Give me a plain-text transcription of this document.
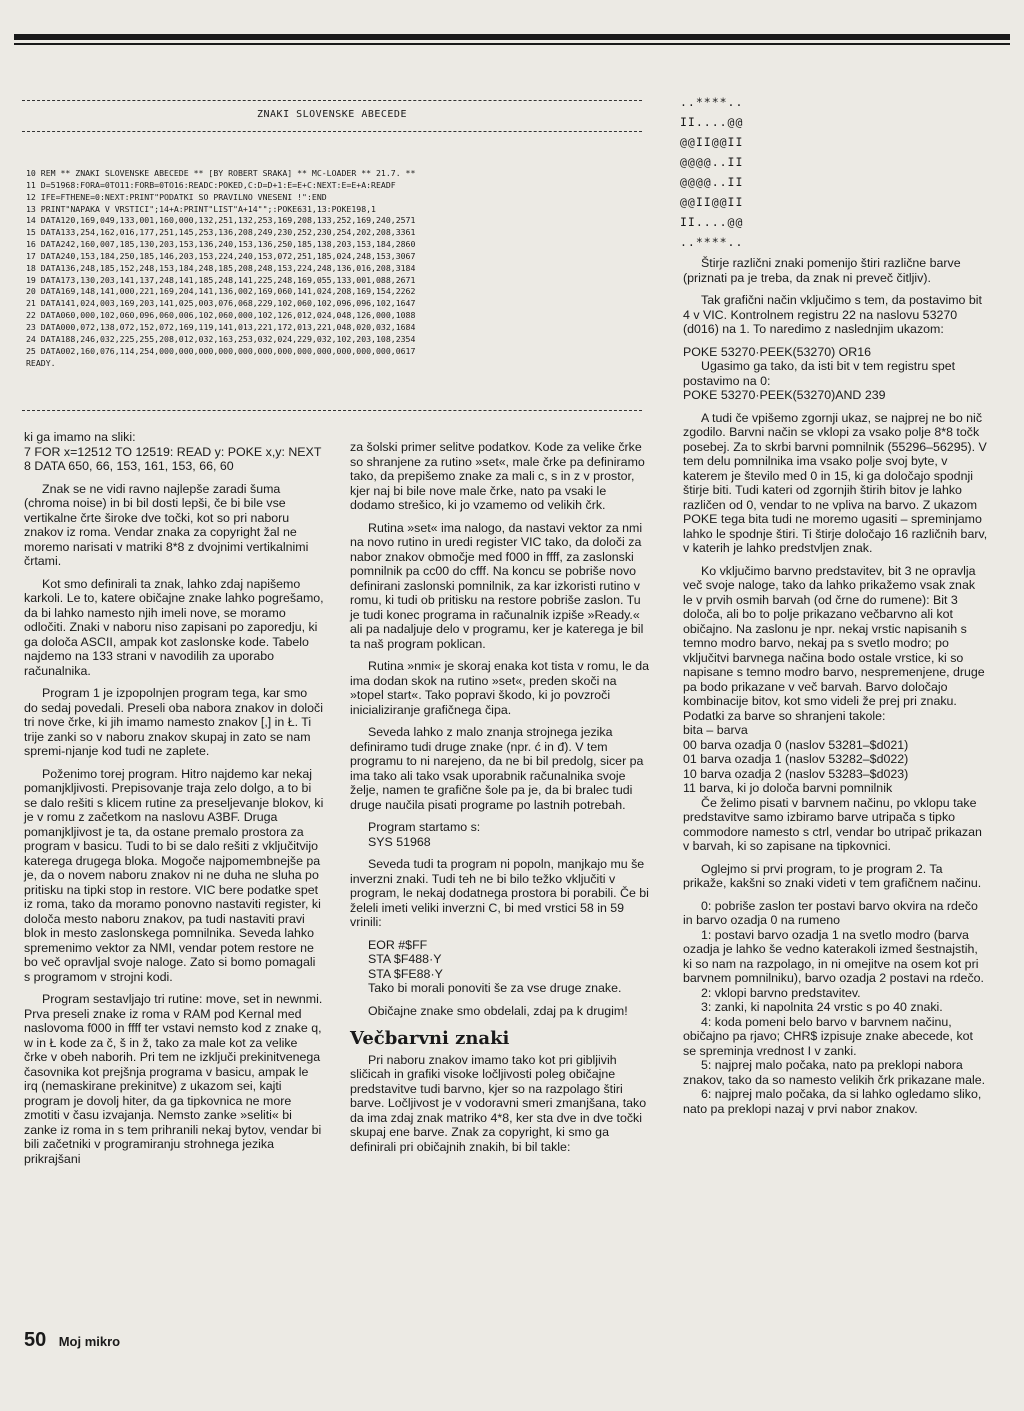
ZNAKI SLOVENSKE ABECEDE
10 REM ** ZNAKI SLOVENSKE ABECEDE ** [BY ROBERT SRAKA] ** MC-LOADER ** 21.7. **
11 D=51968:FORA=0TO11:FORB=0TO16:READC:POKED,C:D=D+1:E=E+C:NEXT:E=E+A:READF
12 IFE=FTHENE=0:NEXT:PRINT"PODATKI SO PRAVILNO VNESENI !":END
13 PRINT"NAPAKA V VRSTICI";14+A:PRINT"LIST"A+14"";:POKE631,13:POKE198,1
14 DATA120,169,049,133,001,160,000,132,251,132,253,169,208,133,252,169,240,2571
15 DATA133,254,162,016,177,251,145,253,136,208,249,230,252,230,254,202,208,3361
16 DATA242,160,007,185,130,203,153,136,240,153,136,250,185,138,203,153,184,2860
17 DATA240,153,184,250,185,146,203,153,224,240,153,072,251,185,024,248,153,3067
18 DATA136,248,185,152,248,153,184,248,185,208,248,153,224,248,136,016,208,3184
19 DATA173,130,203,141,137,248,141,185,248,141,225,248,169,055,133,001,088,2671
20 DATA169,148,141,000,221,169,204,141,136,002,169,060,141,024,208,169,154,2262
21 DATA141,024,003,169,203,141,025,003,076,068,229,102,060,102,096,096,102,1647
22 DATA060,000,102,060,096,060,006,102,060,000,102,126,012,024,048,126,000,1088
23 DATA000,072,138,072,152,072,169,119,141,013,221,172,013,221,048,020,032,1684
24 DATA188,246,032,225,255,208,012,032,163,253,032,024,229,032,102,203,108,2354
25 DATA002,160,076,114,254,000,000,000,000,000,000,000,000,000,000,000,000,0617
READY.
..****..
II....@@
@@II@@II
@@@@..II
@@@@..II
@@II@@II
II....@@
..****..

ki ga imamo na sliki:

7 FOR x=12512 TO 12519: READ y: POKE x,y: NEXT

8 DATA 650, 66, 153, 161, 153, 66, 60

Znak se ne vidi ravno najlepše zaradi šuma (chroma noise) in bi bil dosti lepši, če bi bile vse vertikalne črte široke dve točki, kot so pri naboru znakov iz roma. Vendar znaka za copyright žal ne moremo narisati v matriki 8*8 z dvojnimi vertikalnimi črtami.

Kot smo definirali ta znak, lahko zdaj napišemo karkoli. Le to, katere običajne znake lahko pogrešamo, da bi lahko namesto njih imeli nove, se moramo odločiti. Znaki v naboru niso zapisani po zaporedju, ki ga določa ASCII, ampak kot zaslonske kode. Tabelo najdemo na 133 strani v navodilih za uporabo računalnika.

Program 1 je izpopolnjen program tega, kar smo do sedaj povedali. Preseli oba nabora znakov in določi tri nove črke, ki jih imamo namesto znakov [,] in Ł. Ti trije zanki so v naboru znakov skupaj in zato se nam spremi-njanje kod tudi ne zaplete.

Poženimo torej program. Hitro najdemo kar nekaj pomanjkljivosti. Prepisovanje traja zelo dolgo, a to bi se dalo rešiti s klicem rutine za preseljevanje blokov, ki je v romu z začetkom na naslovu A3BF. Druga pomanjkljivost je ta, da ostane premalo prostora za program v basicu. Tudi to bi se dalo rešiti z vključitvijo katerega drugega bloka. Mogoče najpomembnejše pa je, da o novem naboru znakov ni ne duha ne sluha po pritisku na tipki stop in restore. VIC bere podatke spet iz roma, tako da moramo ponovno nastaviti register, ki določa mesto naboru znakov, pa tudi nastaviti pravi blok in mesto zaslonskega pomnilnika. Seveda lahko spremenimo vektor za NMI, vendar potem restore ne bo več opravljal svoje naloge. Zato si bomo pomagali s programom v strojni kodi.

Program sestavljajo tri rutine: move, set in newnmi. Prva preseli znake iz roma v RAM pod Kernal med naslovoma f000 in ffff ter vstavi nemsto kod z znake q, w in Ł kode za č, š in ž, tako za male kot za velike črke v obeh naborih. Pri tem ne izključi prekinitvenega časovnika kot prejšnja programa v basicu, ampak le irq (nemaskirane prekinitve) z ukazom sei, kajti program je dovolj hiter, da ga tipkovnica ne more zmotiti v času izvajanja. Nemsto zanke »seliti« bi zanke iz roma in s tem prihranili nekaj bytov, vendar bi bili začetniki v programiranju strohnega jezika prikrajšani

za šolski primer selitve podatkov. Kode za velike črke so shranjene za rutino »set«, male črke pa definiramo tako, da prepišemo znake za mali c, s in z v prostor, kjer naj bi bile nove male črke, nato pa vsaki le dodamo strešico, ki jo vzamemo od velikih črk.

Rutina »set« ima nalogo, da nastavi vektor za nmi na novo rutino in uredi register VIC tako, da določi za nabor znakov območje med f000 in ffff, za zaslonski pomnilnik pa cc00 do cfff. Na koncu se pobriše novo definirani zaslonski pomnilnik, za kar izkoristi rutino v romu, ki tudi ob pritisku na restore pobriše zaslon. Tu je tudi konec programa in računalnik izpiše »Ready.« ali pa nadaljuje delo v programu, ker je katerega je bil ta naš program poklican.

Rutina »nmi« je skoraj enaka kot tista v romu, le da ima dodan skok na rutino »set«, preden skoči na »topel start«. Tako popravi škodo, ki jo povzroči inicializiranje grafičnega čipa.

Seveda lahko z malo znanja strojnega jezika definiramo tudi druge znake (npr. ć in đ). V tem programu to ni narejeno, da ne bi bil predolg, sicer pa ima tako ali tako vsak uporabnik računalnika svoje želje, namen te grafične šole pa je, da bi bralec tudi druge naučila pisati programe po lastnih potrebah.

Program startamo s:

SYS 51968

Seveda tudi ta program ni popoln, manjkajo mu še inverzni znaki. Tudi teh ne bi bilo težko vključiti v program, le nekaj dodatnega prostora bi porabili. Če bi želeli imeti veliki inverzni C, bi med vrstici 58 in 59 vrinili:

EOR #$FF

STA $F488·Y

STA $FE88·Y

Tako bi morali ponoviti še za vse druge znake.

Običajne znake smo obdelali, zdaj pa k drugim!

Večbarvni znaki

Pri naboru znakov imamo tako kot pri gibljivih sličicah in grafiki visoke ločljivosti poleg običajne predstavitve tudi barvno, kjer so na razpolago štiri barve. Ločljivost je v vodoravni smeri zmanjšana, tako da ima zdaj znak matriko 4*8, ker sta dve in dve točki skupaj ene barve. Znak za copyright, ki smo ga definirali pri običajnih znakih, bi bil takle:

Štirje različni znaki pomenijo štiri različne barve (priznati pa je treba, da znak ni preveč čitljiv).

Tak grafični način vključimo s tem, da postavimo bit 4 v VIC. Kontrolnem registru 22 na naslovu 53270 (d016) na 1. To naredimo z naslednjim ukazom:

POKE 53270·PEEK(53270) OR16

Ugasimo ga tako, da isti bit v tem registru spet postavimo na 0:

POKE 53270·PEEK(53270)AND 239

A tudi če vpišemo zgornji ukaz, se najprej ne bo nič zgodilo. Barvni način se vklopi za vsako polje 8*8 točk posebej. Za to skrbi barvni pomnilnik (55296–56295). V tem delu pomnilnika ima vsako polje svoj byte, v katerem je število med 0 in 15, ki ga določajo spodnji štirje biti. Tudi kateri od zgornjih štirih bitov je lahko različen od 0, vendar to ne vpliva na barvo. Z ukazom POKE tega bita tudi ne moremo ugasiti – spreminjamo lahko le spodnje štiri. Ti štirje določajo 16 različnih barv, v katerih je lahko predstvljen znak.

Ko vključimo barvno predstavitev, bit 3 ne opravlja več svoje naloge, tako da lahko prikažemo vsak znak le v prvih osmih barvah (od črne do rumene): Bit 3 določa, ali bo to polje prikazano večbarvno ali kot običajno. Na zaslonu je npr. nekaj vrstic napisanih s temno modro barvo, nekaj pa s svetlo modro; po vključitvi barvnega načina bodo ostale vrstice, ki so napisane s temno modro barvo, nespremenjene, druge pa bodo prikazane v več barvah. Barvo določajo kombinacije bitov, kot smo videli že prej pri znaku. Podatki za barve so shranjeni takole:

bita – barva

00 barva ozadja 0 (naslov 53281–$d021)

01 barva ozadja 1 (naslov 53282–$d022)

10 barva ozadja 2 (naslov 53283–$d023)

11 barva, ki jo določa barvni pomnilnik

Če želimo pisati v barvnem načinu, po vklopu take predstavitve samo izbiramo barve utripača s tipko commodore namesto s ctrl, vendar bo utripač prikazan v barvah, ki so zapisane na tipkovnici.

Oglejmo si prvi program, to je program 2. Ta prikaže, kakšni so znaki videti v tem grafičnem načinu.

0: pobriše zaslon ter postavi barvo okvira na rdečo in barvo ozadja 0 na rumeno

1: postavi barvo ozadja 1 na svetlo modro (barva ozadja je lahko še vedno katerakoli izmed šestnajstih, ki so nam na razpolago, in ni omejitve na osem kot pri barvnem pomnilniku), barvo ozadja 2 postavi na rdečo.

2: vklopi barvno predstavitev.

3: zanki, ki napolnita 24 vrstic s po 40 znaki.

4: koda pomeni belo barvo v barvnem načinu, običajno pa rjavo; CHR$ izpisuje znake abecede, kot se spreminja vrednost I v zanki.

5: najprej malo počaka, nato pa preklopi nabora znakov, tako da so namesto velikih črk prikazane male.

6: najprej malo počaka, da si lahko ogledamo sliko, nato pa preklopi nazaj v prvi nabor znakov.

50 Moj mikro
